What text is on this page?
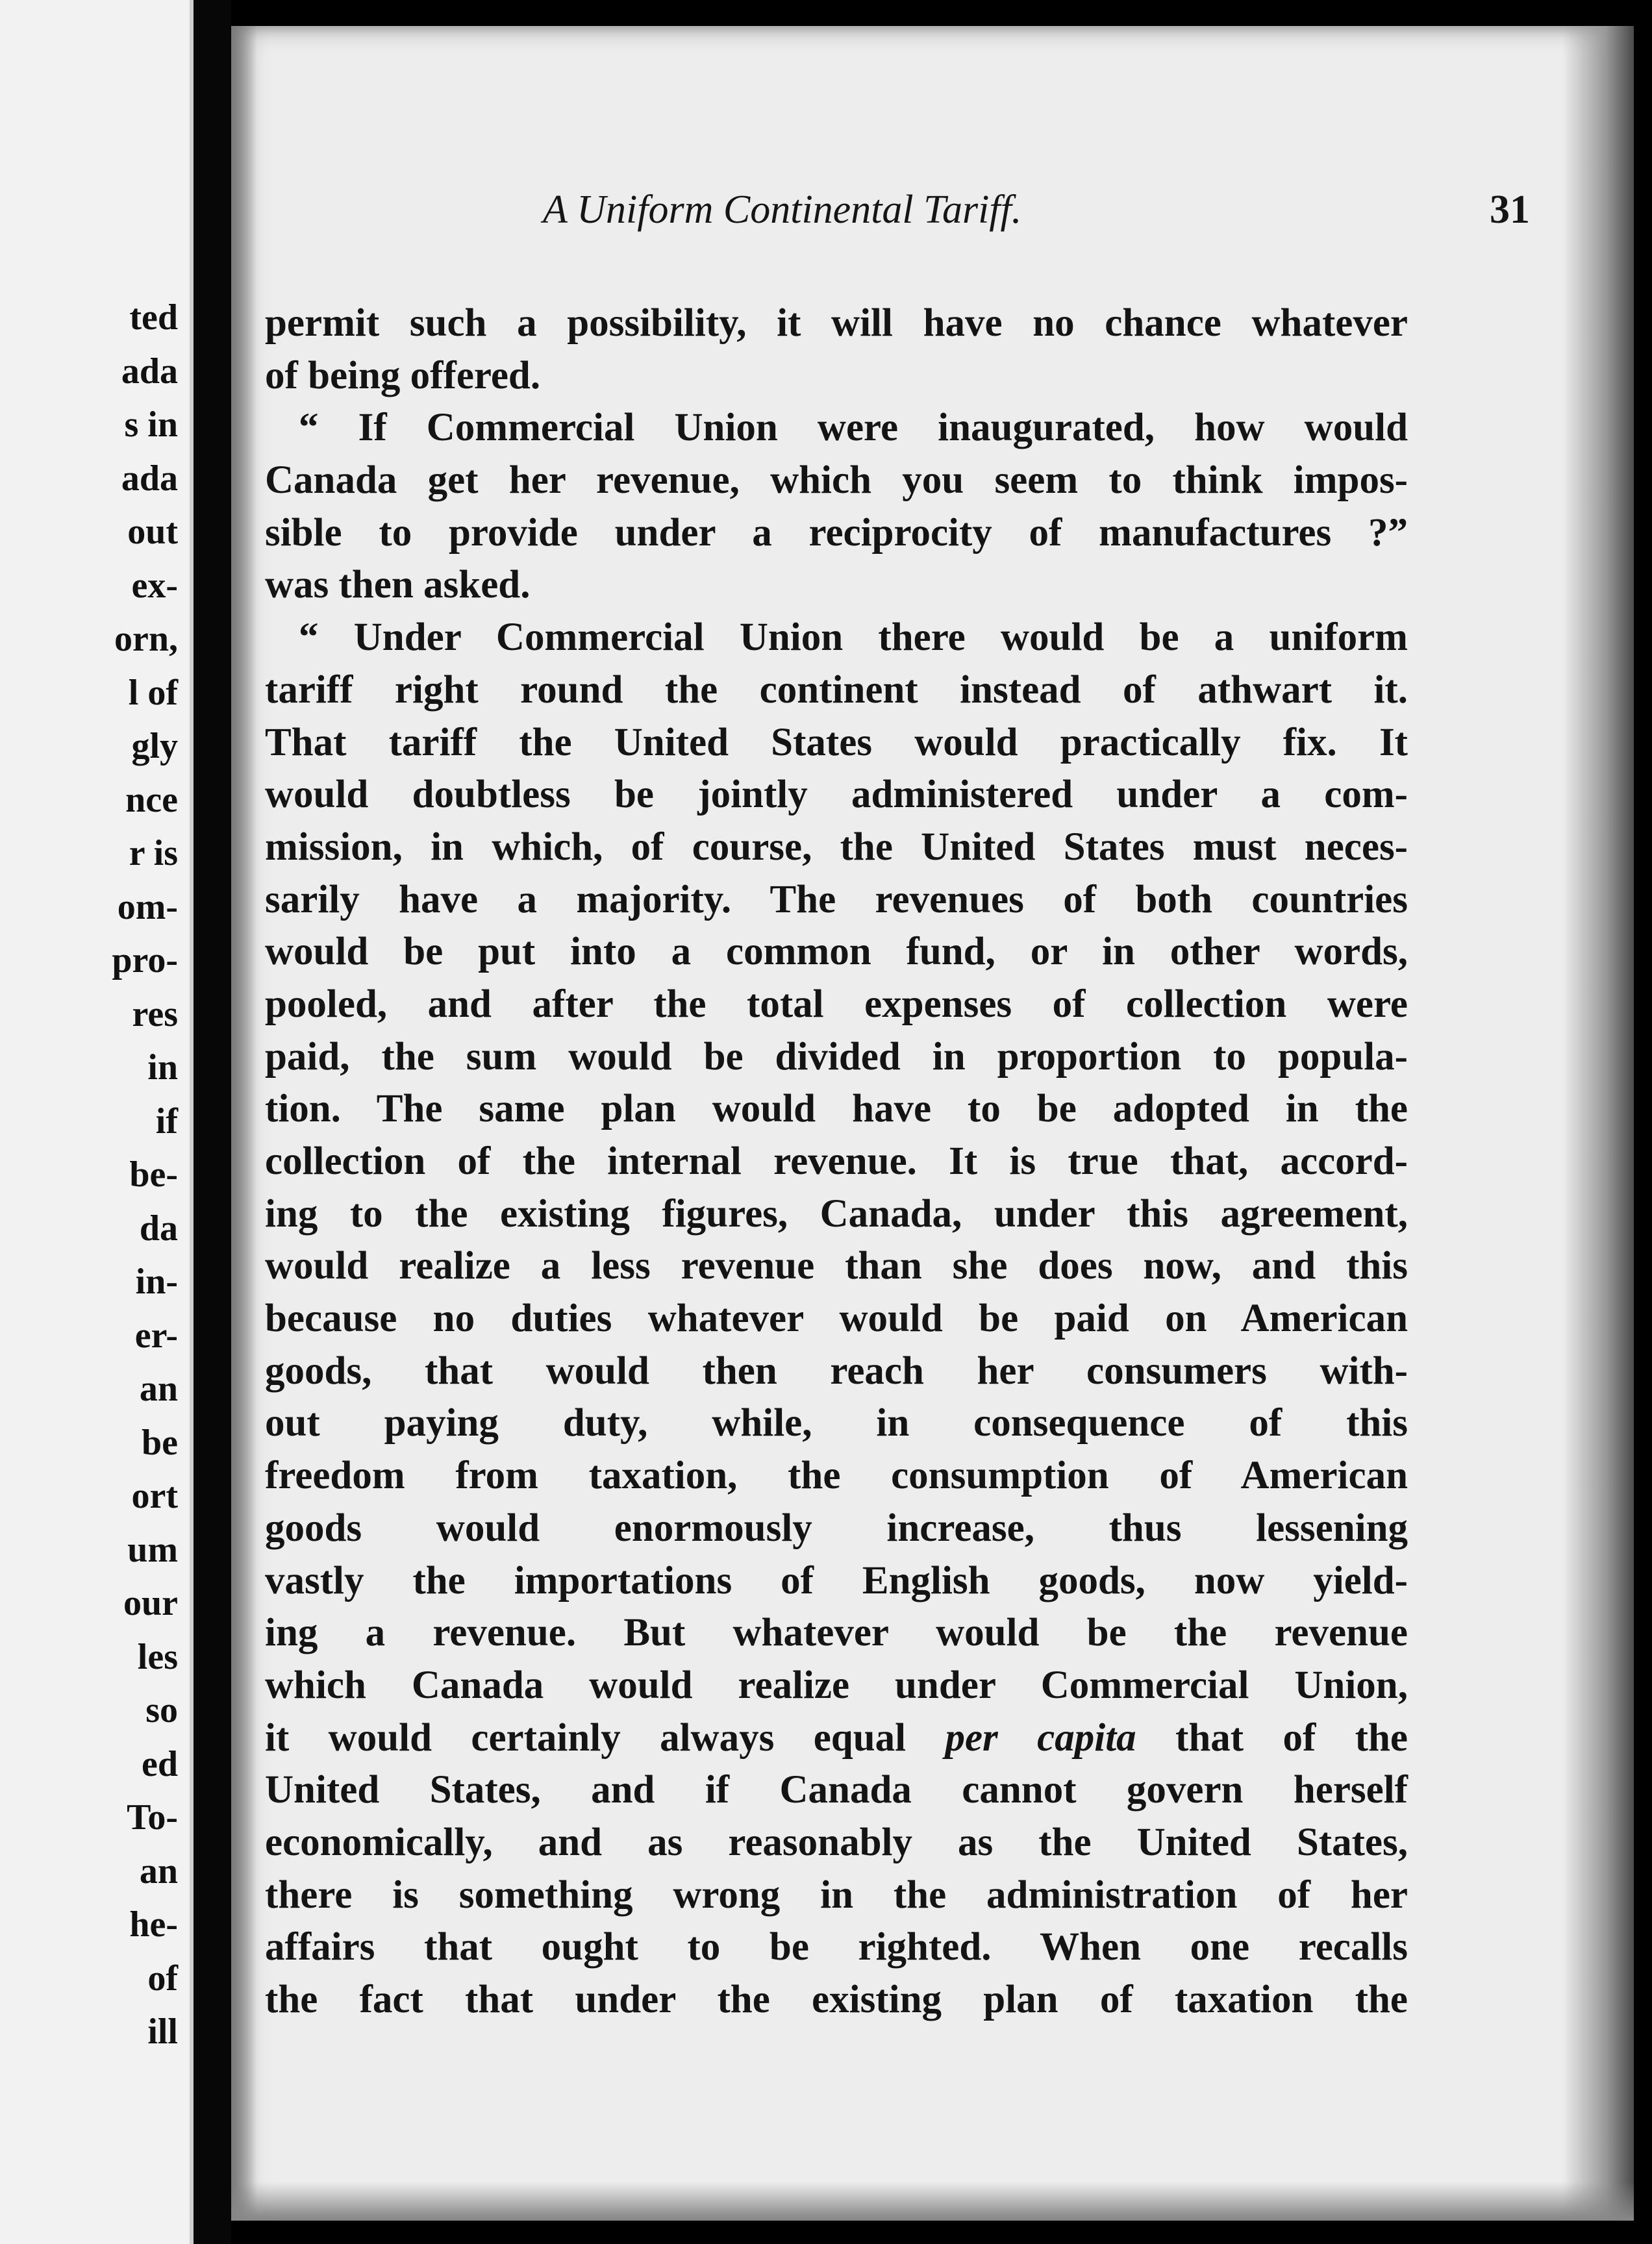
ted
ada
s in
ada
out
ex-
orn,
l of
gly
nce
r is
om-
pro-
res
in
if
be-
da
in-
er-
an
be
ort
um
our
les
so
ed
To-
an
he-
of
ill
A Uniform Continental Tariff.	31
permit such a possibility, it will have no chance whatever
of being offered.
“ If Commercial Union were inaugurated, how would
Canada get her revenue, which you seem to think impos-
sible to provide under a reciprocity of manufactures ?”
was then asked.
“ Under Commercial Union there would be a uniform
tariff right round the continent instead of athwart it.
That tariff the United States would practically fix. It
would doubtless be jointly administered under a com-
mission, in which, of course, the United States must neces-
sarily have a majority. The revenues of both countries
would be put into a common fund, or in other words,
pooled, and after the total expenses of collection were
paid, the sum would be divided in proportion to popula-
tion. The same plan would have to be adopted in the
collection of the internal revenue. It is true that, accord-
ing to the existing figures, Canada, under this agreement,
would realize a less revenue than she does now, and this
because no duties whatever would be paid on American
goods, that would then reach her consumers with-
out paying duty, while, in consequence of this
freedom from taxation, the consumption of American
goods would enormously increase, thus lessening
vastly the importations of English goods, now yield-
ing a revenue. But whatever would be the revenue
which Canada would realize under Commercial Union,
it would certainly always equal per capita that of the
United States, and if Canada cannot govern herself
economically, and as reasonably as the United States,
there is something wrong in the administration of her
affairs that ought to be righted. When one recalls
the fact that under the existing plan of taxation the
